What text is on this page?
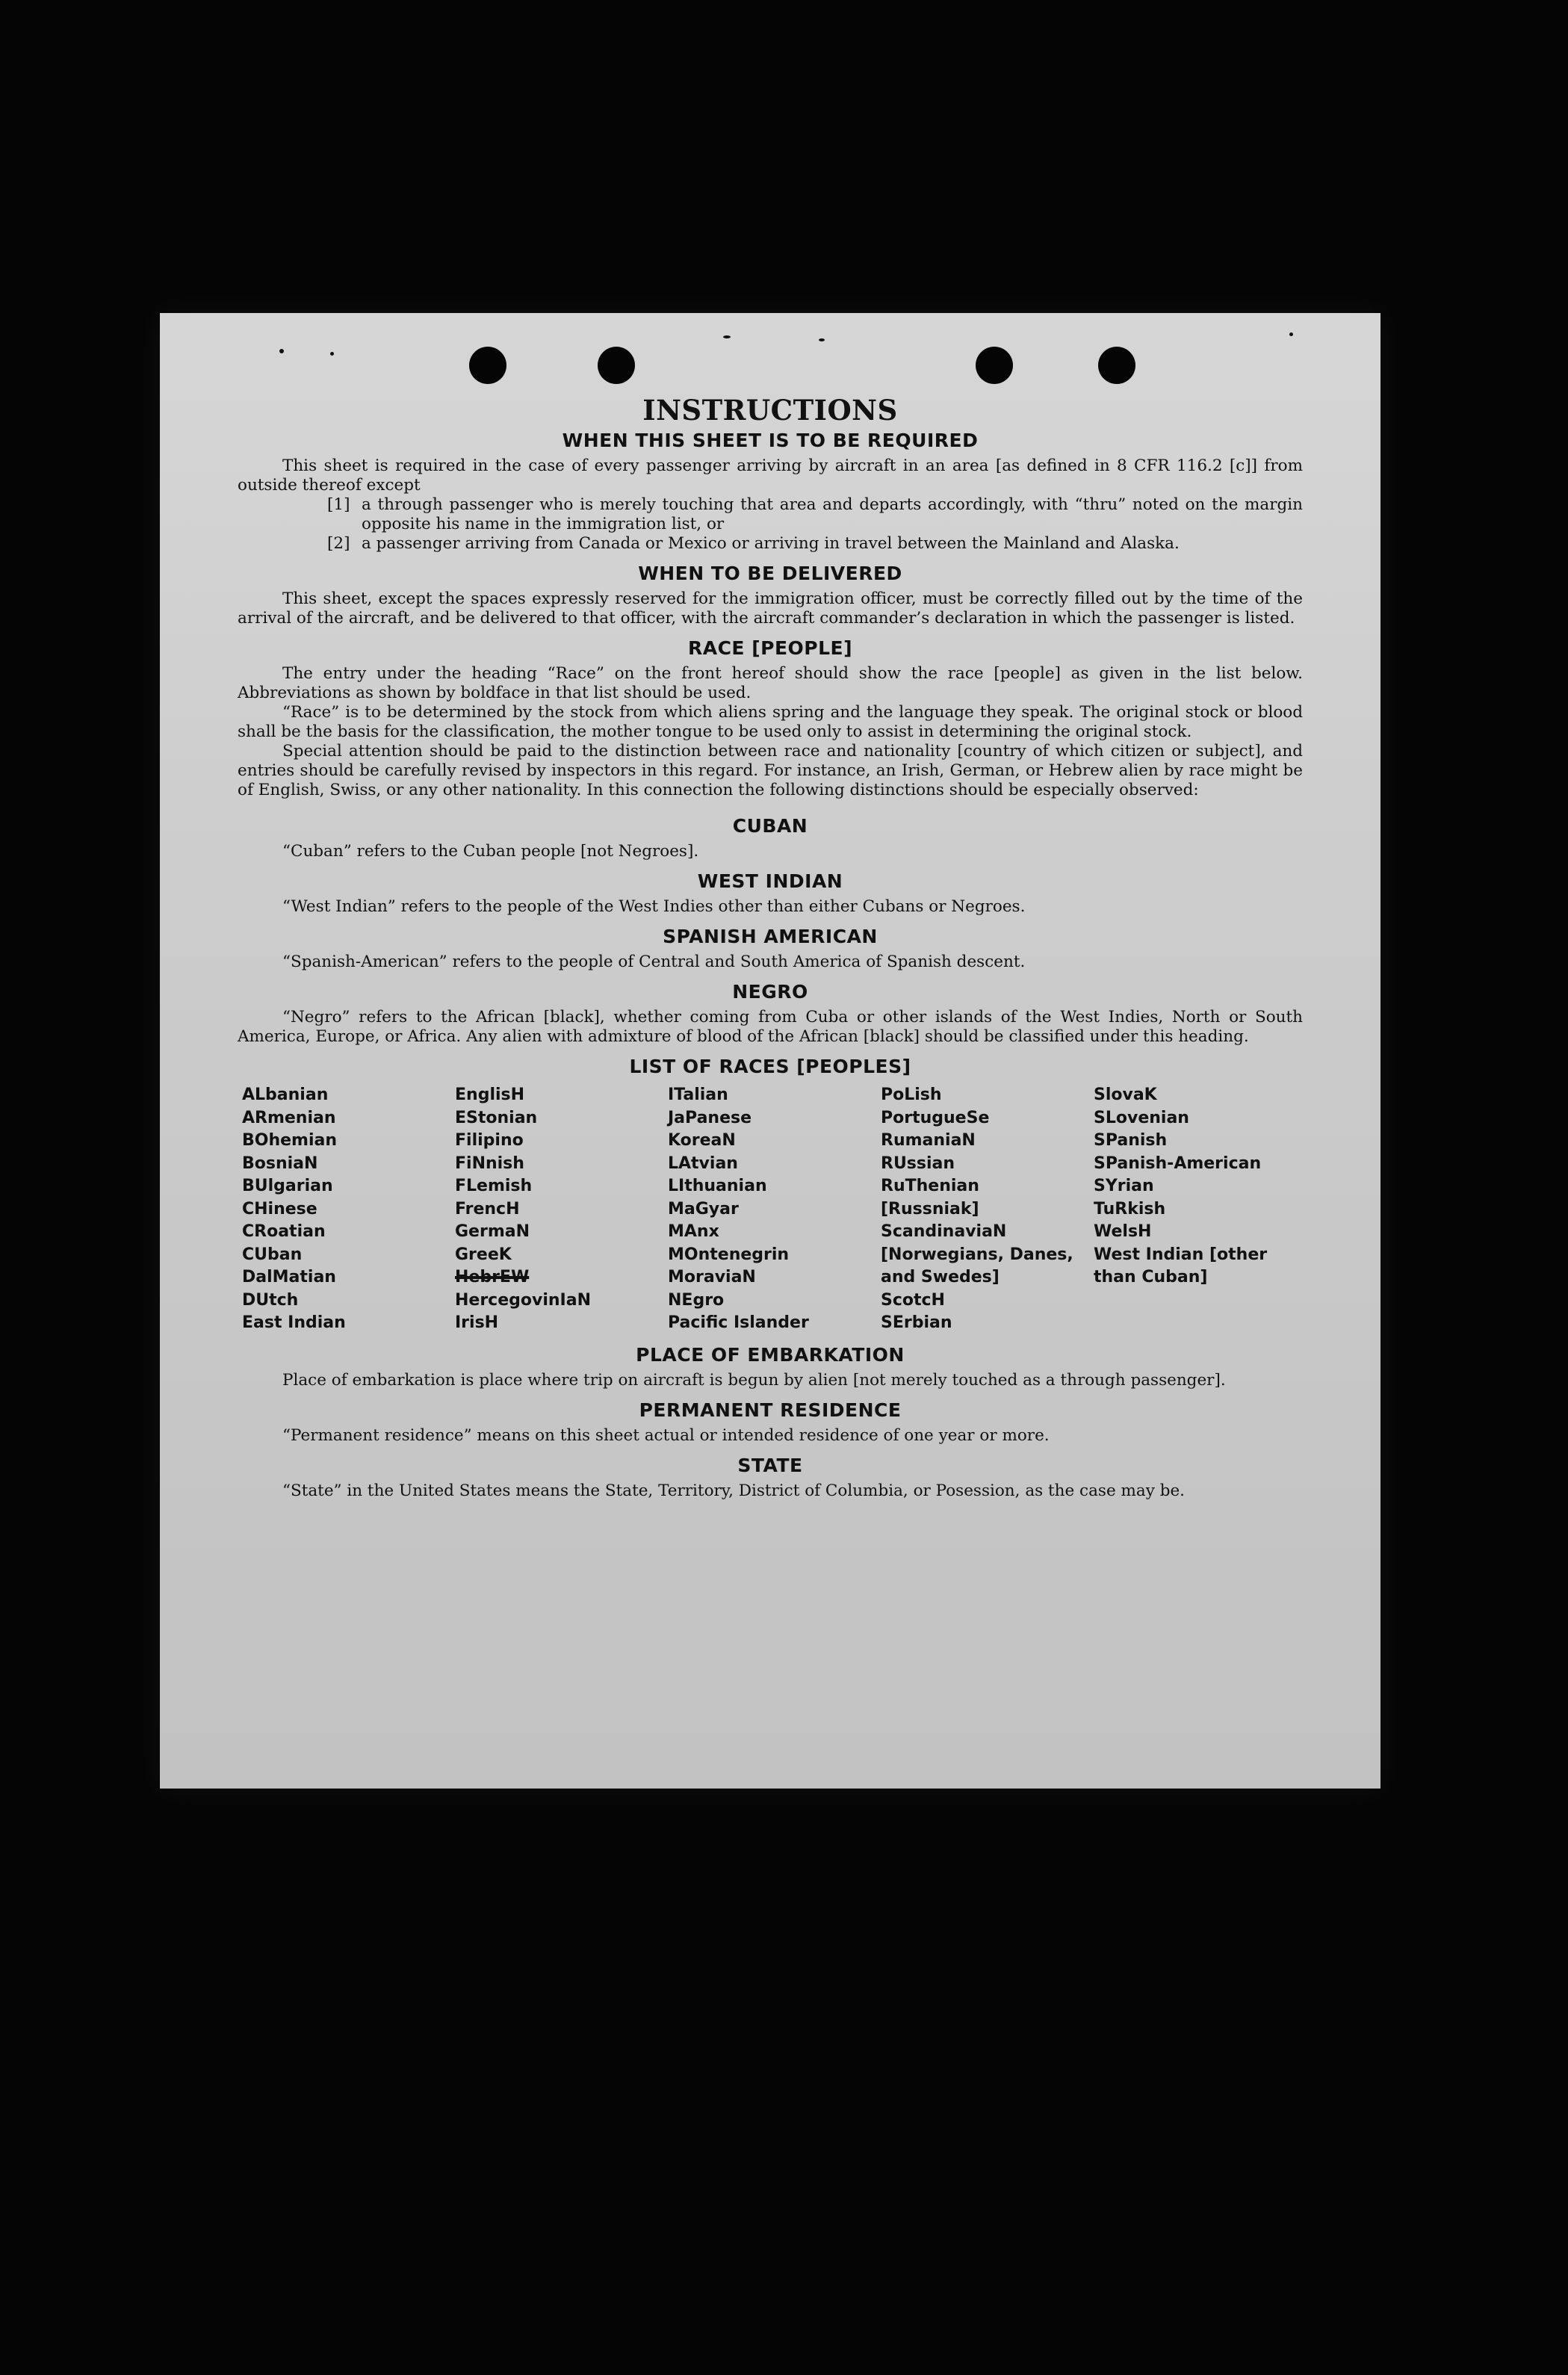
INSTRUCTIONS
WHEN THIS SHEET IS TO BE REQUIRED

This sheet is required in the case of every passenger arriving by aircraft in an area [as defined in 8 CFR 116.2 [c]] from outside thereof except

[1] a through passenger who is merely touching that area and departs accordingly, with “thru” noted on the margin opposite his name in the immigration list, or

[2] a passenger arriving from Canada or Mexico or arriving in travel between the Mainland and Alaska.

WHEN TO BE DELIVERED

This sheet, except the spaces expressly reserved for the immigration officer, must be correctly filled out by the time of the arrival of the aircraft, and be delivered to that officer, with the aircraft commander’s declaration in which the passenger is listed.

RACE [PEOPLE]

The entry under the heading “Race” on the front hereof should show the race [people] as given in the list below. Abbreviations as shown by boldface in that list should be used.

“Race” is to be determined by the stock from which aliens spring and the language they speak. The original stock or blood shall be the basis for the classification, the mother tongue to be used only to assist in determining the original stock.

Special attention should be paid to the distinction between race and nationality [country of which citizen or subject], and entries should be carefully revised by inspectors in this regard. For instance, an Irish, German, or Hebrew alien by race might be of English, Swiss, or any other nationality. In this connection the following distinctions should be especially observed:

CUBAN

“Cuban” refers to the Cuban people [not Negroes].

WEST INDIAN

“West Indian” refers to the people of the West Indies other than either Cubans or Negroes.

SPANISH AMERICAN

“Spanish-American” refers to the people of Central and South America of Spanish descent.

NEGRO

“Negro” refers to the African [black], whether coming from Cuba or other islands of the West Indies, North or South America, Europe, or Africa. Any alien with admixture of blood of the African [black] should be classified under this heading.

LIST OF RACES [PEOPLES]
ALbanian
ARmenian
BOhemian
BosniaN
BUlgarian
CHinese
CRoatian
CUban
DalMatian
DUtch
East Indian
EnglisH
EStonian
Filipino
FiNnish
FLemish
FrencH
GermaN
GreeK
HebrEW
HercegovinIaN
IrisH
ITalian
JaPanese
KoreaN
LAtvian
LIthuanian
MaGyar
MAnx
MOntenegrin
MoraviaN
NEgro
Pacific Islander
PoLish
PortugueSe
RumaniaN
RUssian
RuThenian [Russniak]
ScandinaviaN [Norwegians, Danes, and Swedes]
ScotcH
SErbian
SlovaK
SLovenian
SPanish
SPanish-American
SYrian
TuRkish
WelsH
West Indian [other than Cuban]
PLACE OF EMBARKATION

Place of embarkation is place where trip on aircraft is begun by alien [not merely touched as a through passenger].

PERMANENT RESIDENCE

“Permanent residence” means on this sheet actual or intended residence of one year or more.

STATE

“State” in the United States means the State, Territory, District of Columbia, or Posession, as the case may be.
